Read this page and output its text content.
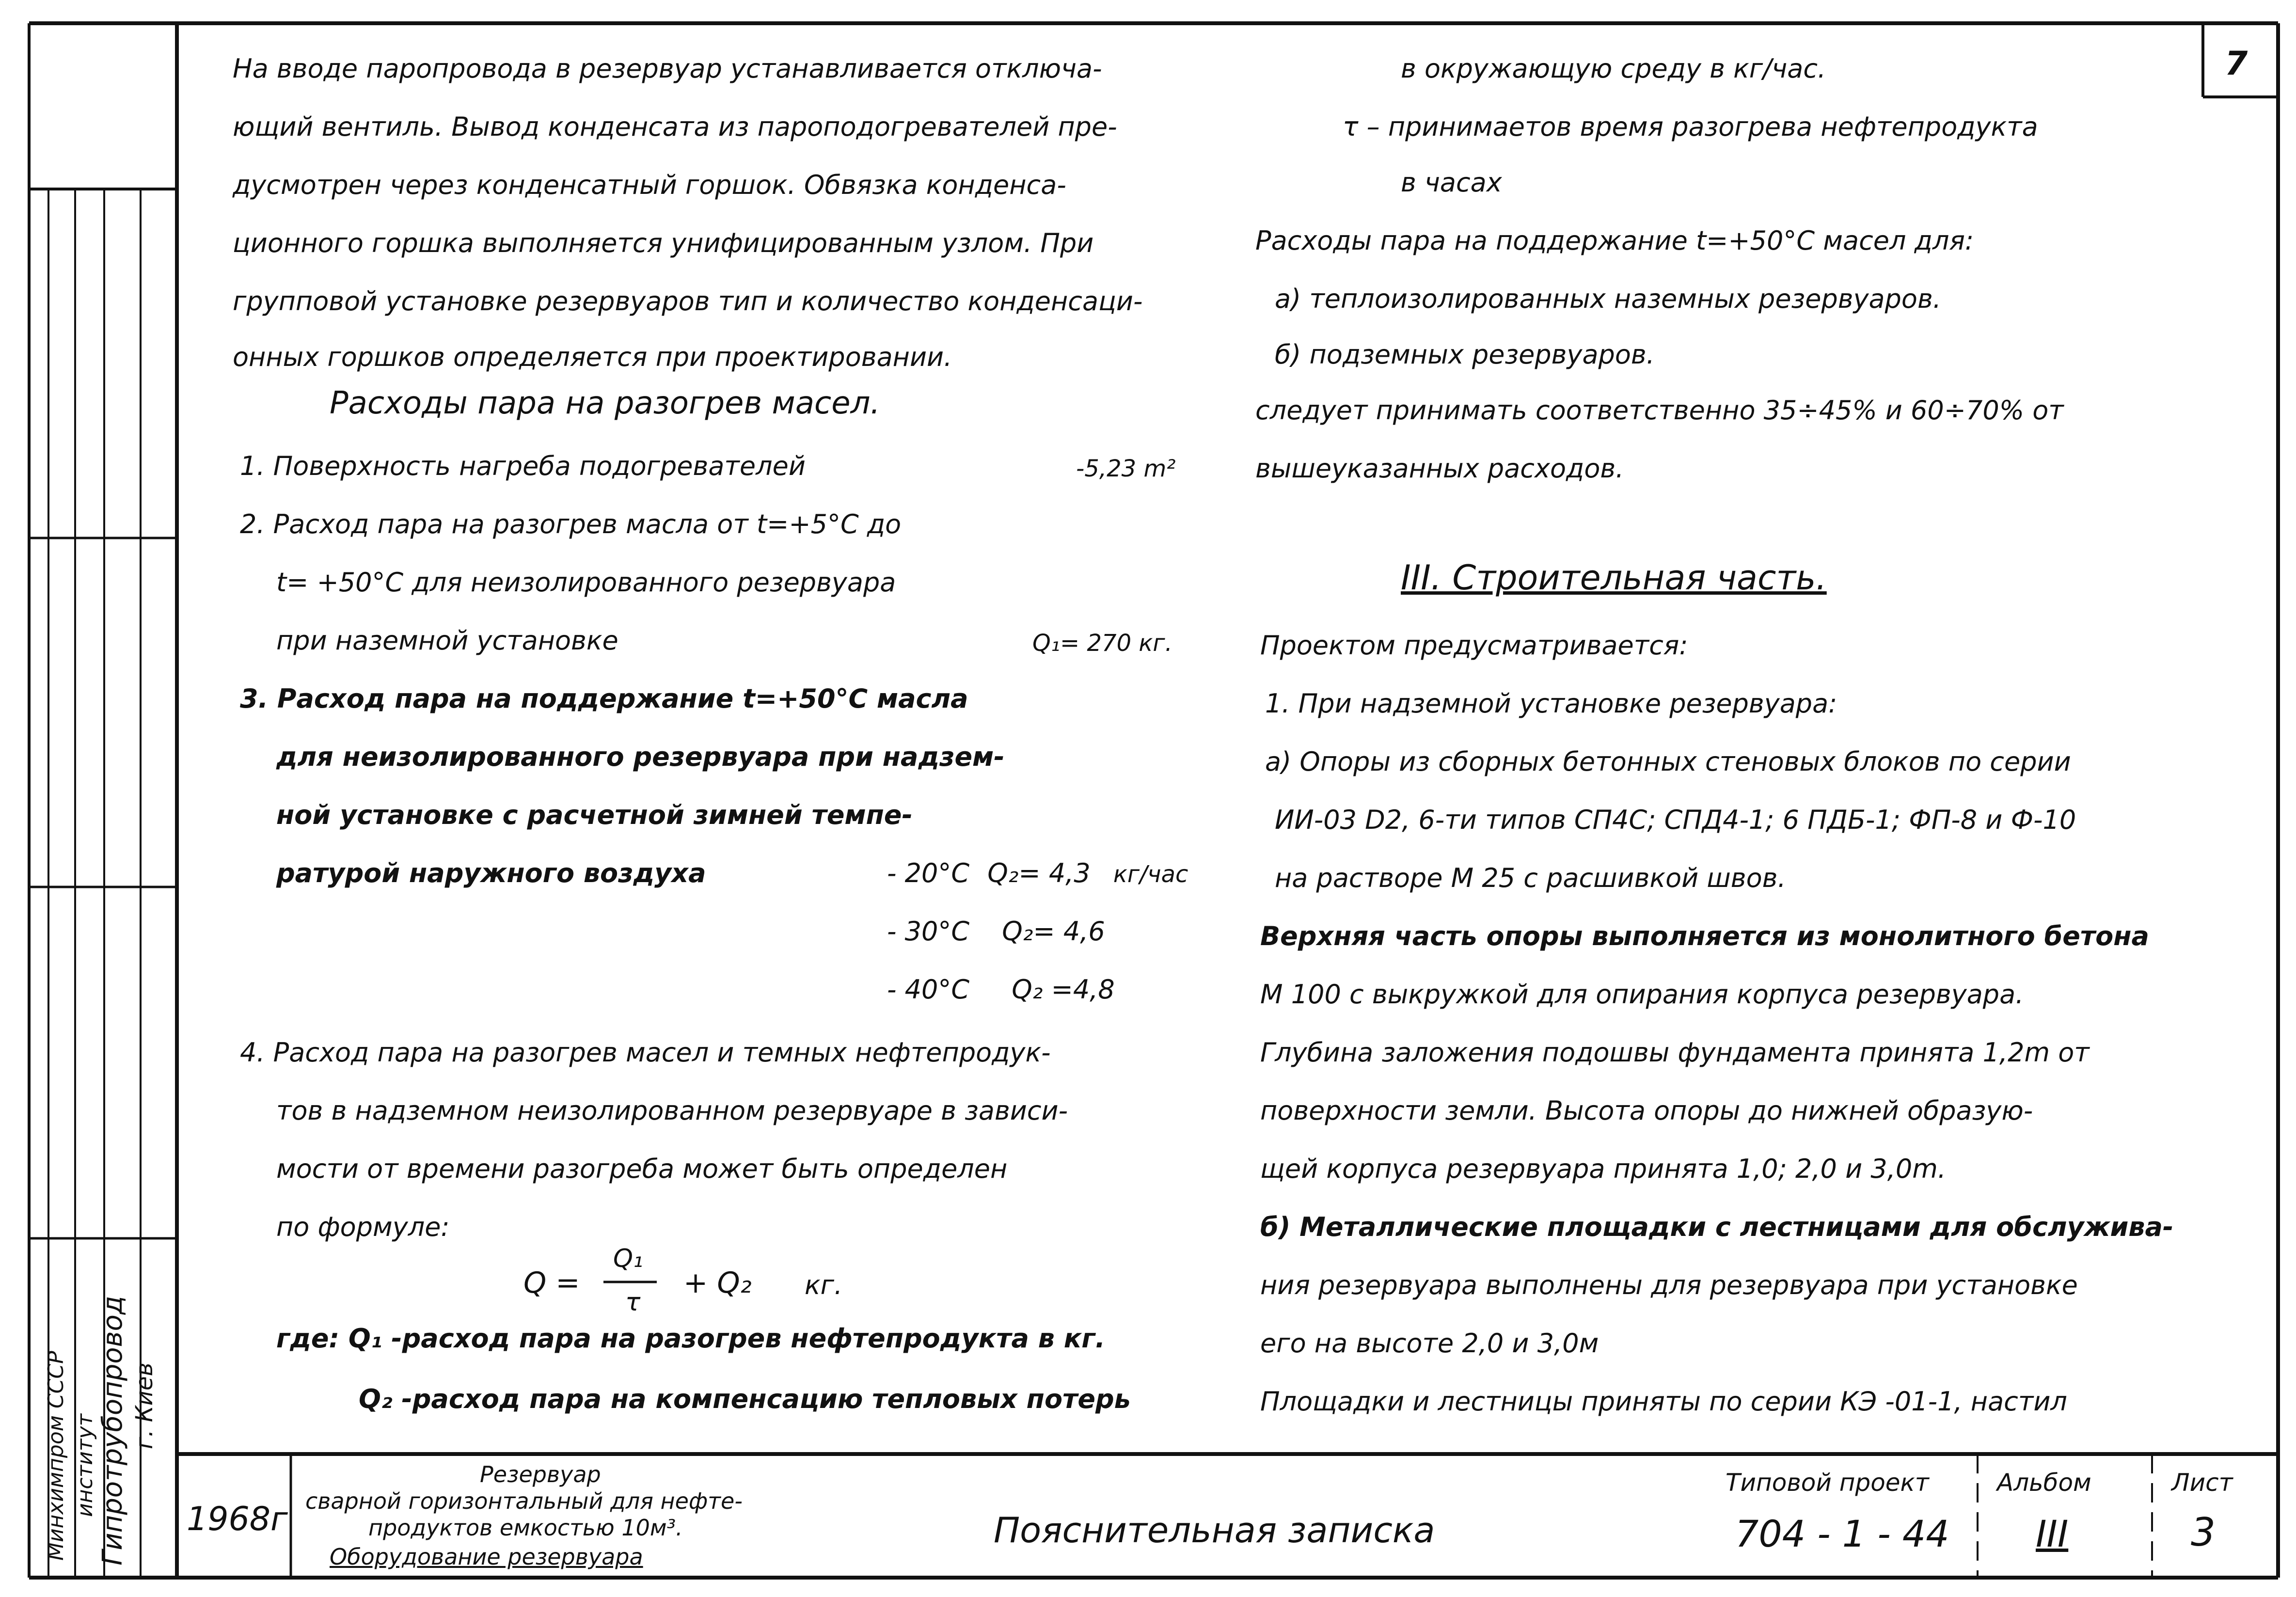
7
На вводе паропровода в резервуар устанавливается отключа-
ющий вентиль. Вывод конденсата из пароподогревателей пре-
дусмотрен через конденсатный горшок. Обвязка конденса-
ционного горшка выполняется унифицированным узлом. При
групповой установке резервуаров тип и количество конденсаци-
онных горшков определяется при проектировании.
Расходы пара на разогрев масел.
1. Поверхность нагреба подогревателей	-5,23 m²
2. Расход пара на разогрев масла от t=+5°C до
t= +50°C для неизолированного резервуара
при наземной установке	Q₁= 270 кг.
3. Расход пара на поддержание t=+50°C масла
для неизолированного резервуара при надзем-
ной установке с расчетной зимней темпе-
ратурой наружного воздуха	- 20°C Q₂= 4,3 кг/час
- 30°C Q₂= 4,6
- 40°C Q₂ =4,8
4. Расход пара на разогрев масел и темных нефтепродук-
тов в надземном неизолированном резервуаре в зависи-
мости от времени разогреба может быть определен
по формуле:
Q =
Q₁
τ
+ Q₂ кг.
где: Q₁ -расход пара на разогрев нефтепродукта в кг.
Q₂ -расход пара на компенсацию тепловых потерь
в окружающую среду в кг/час.
τ – принимаетов время разогрева нефтепродукта
в часах
Расходы пара на поддержание t=+50°C масел для:
а) теплоизолированных наземных резервуаров.
б) подземных резервуаров.
следует принимать соответственно 35÷45% и 60÷70% от
вышеуказанных расходов.
III. Строительная часть.
Проектом предусматривается:
1. При надземной установке резервуара:
а) Опоры из сборных бетонных стеновых блоков по серии
ИИ-03 D2, 6-ти типов СП4С; СПД4-1; 6 ПДБ-1; ФП-8 и Ф-10
на растворе М 25 с расшивкой швов.
Верхняя часть опоры выполняется из монолитного бетона
М 100 с выкружкой для опирания корпуса резервуара.
Глубина заложения подошвы фундамента принята 1,2m от
поверхности земли. Высота опоры до нижней образую-
щей корпуса резервуара принята 1,0; 2,0 и 3,0m.
б) Металлические площадки с лестницами для обслужива-
ния резервуара выполнены для резервуара при установке
его на высоте 2,0 и 3,0м
Площадки и лестницы приняты по серии КЭ -01-1, настил
Минхимпром СССР институт Гипротрубопровод г. Киев
1968г
Резервуар
сварной горизонтальный для нефте-
продуктов емкостью 10м³.
Оборудование резервуара
Пояснительная записка
Типовой проект
704 - 1 - 44
Альбом
III
Лист
3
